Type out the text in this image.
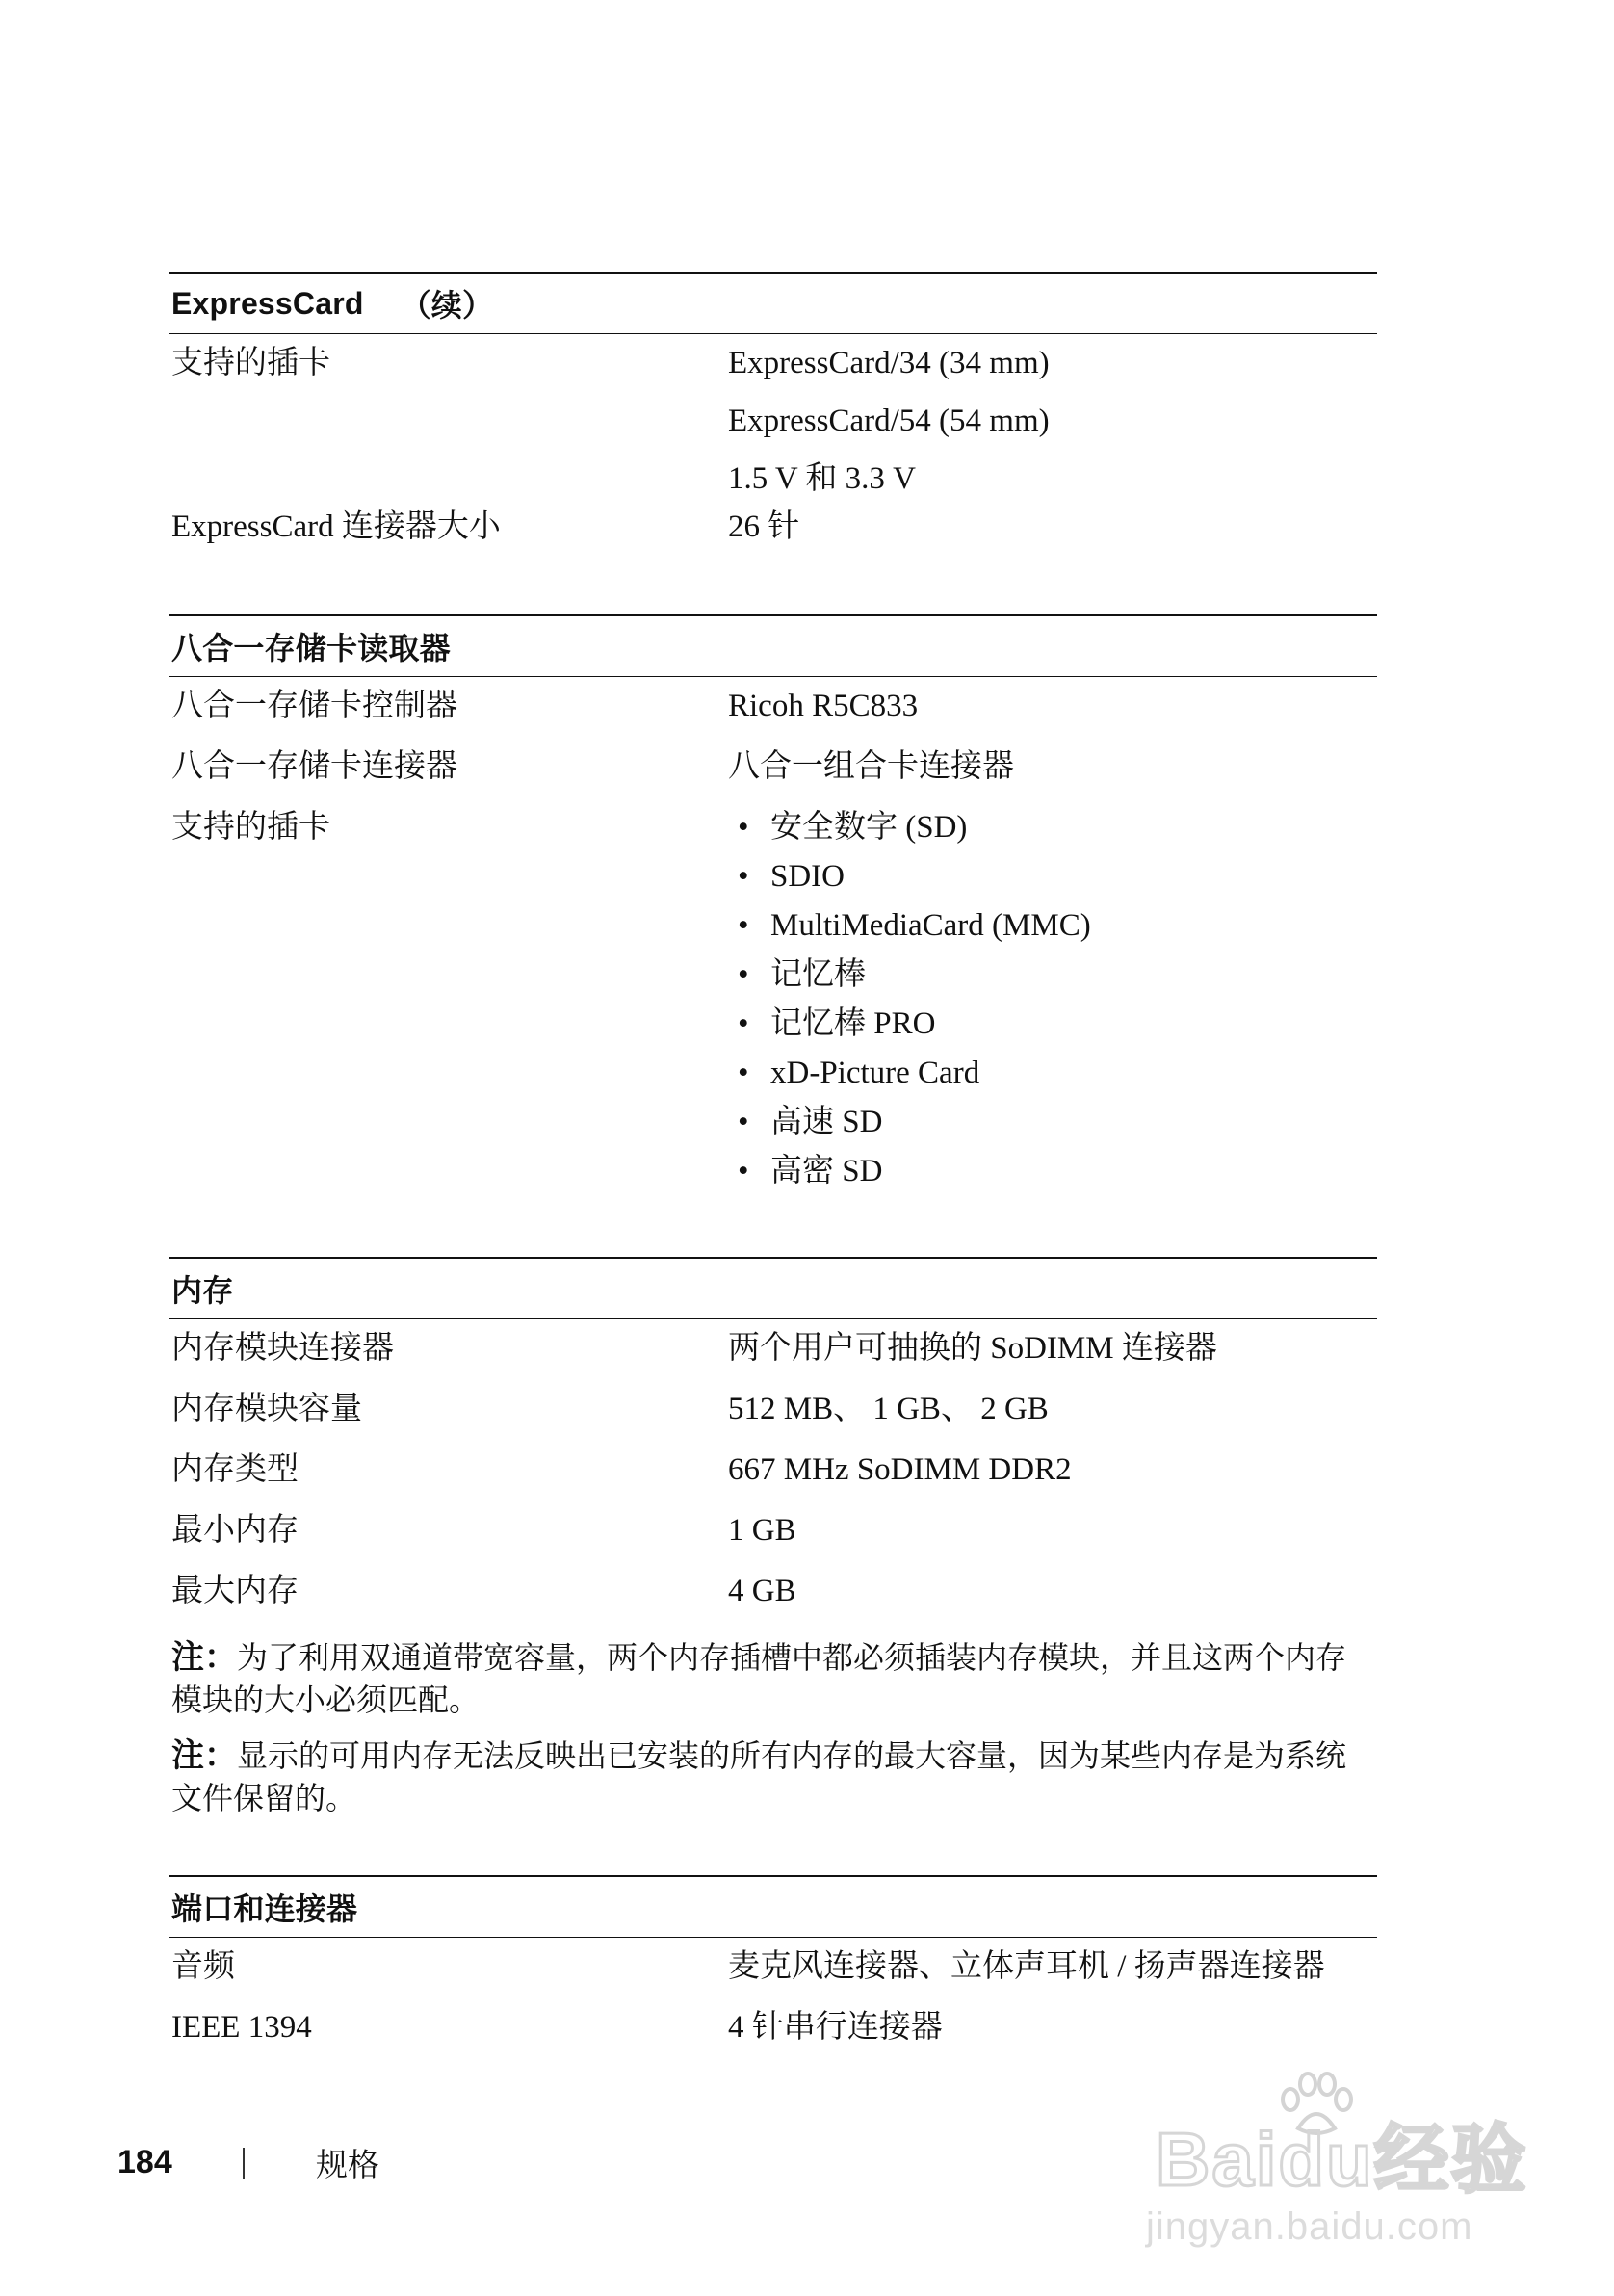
ExpressCard （续）
支持的插卡	ExpressCard/34 (34 mm)
ExpressCard/54 (54 mm)
1.5 V 和 3.3 V
ExpressCard 连接器大小	26 针
八合一存储卡读取器
八合一存储卡控制器	Ricoh R5C833
八合一存储卡连接器	八合一组合卡连接器
支持的插卡	• 安全数字 (SD)
• SDIO
• MultiMediaCard (MMC)
• 记忆棒
• 记忆棒 PRO
• xD-Picture Card
• 高速 SD
• 高密 SD
内存
内存模块连接器	两个用户可抽换的 SoDIMM 连接器
内存模块容量	512 MB、 1 GB、 2 GB
内存类型	667 MHz SoDIMM DDR2
最小内存	1 GB
最大内存	4 GB
注：为了利用双通道带宽容量，两个内存插槽中都必须插装内存模块，并且这两个内存模块的大小必须匹配。
注：显示的可用内存无法反映出已安装的所有内存的最大容量，因为某些内存是为系统文件保留的。
端口和连接器
音频	麦克风连接器、立体声耳机 / 扬声器连接器
IEEE 1394	4 针串行连接器
184	规格	Baidu经验
jingyan.baidu.com
